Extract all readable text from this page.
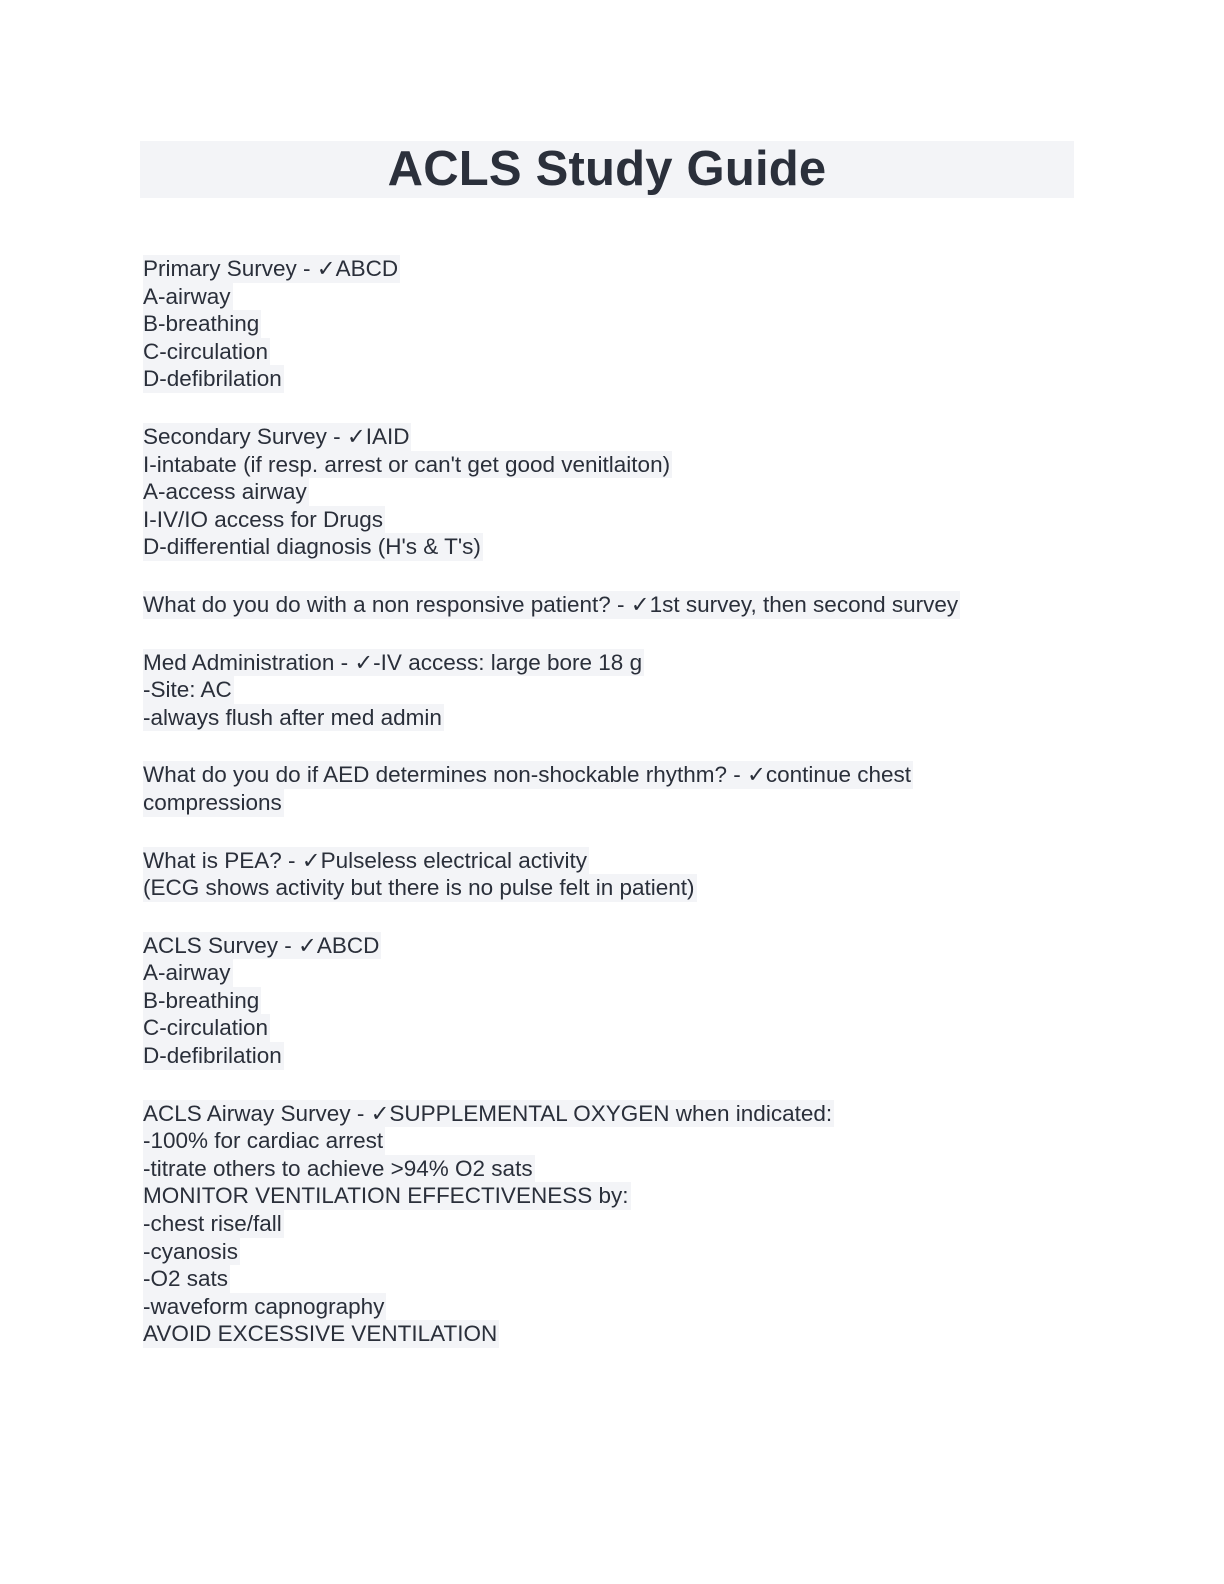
ACLS Study Guide
Primary Survey - ✓ABCD
A-airway
B-breathing
C-circulation
D-defibrilation
Secondary Survey - ✓IAID
I-intabate (if resp. arrest or can't get good venitlaiton)
A-access airway
I-IV/IO access for Drugs
D-differential diagnosis (H's & T's)
What do you do with a non responsive patient? - ✓1st survey, then second survey
Med Administration - ✓-IV access: large bore 18 g
-Site: AC
-always flush after med admin
What do you do if AED determines non-shockable rhythm? - ✓continue chest
compressions
What is PEA? - ✓Pulseless electrical activity
(ECG shows activity but there is no pulse felt in patient)
ACLS Survey - ✓ABCD
A-airway
B-breathing
C-circulation
D-defibrilation
ACLS Airway Survey - ✓SUPPLEMENTAL OXYGEN when indicated:
-100% for cardiac arrest
-titrate others to achieve >94% O2 sats
MONITOR VENTILATION EFFECTIVENESS by:
-chest rise/fall
-cyanosis
-O2 sats
-waveform capnography
AVOID EXCESSIVE VENTILATION
